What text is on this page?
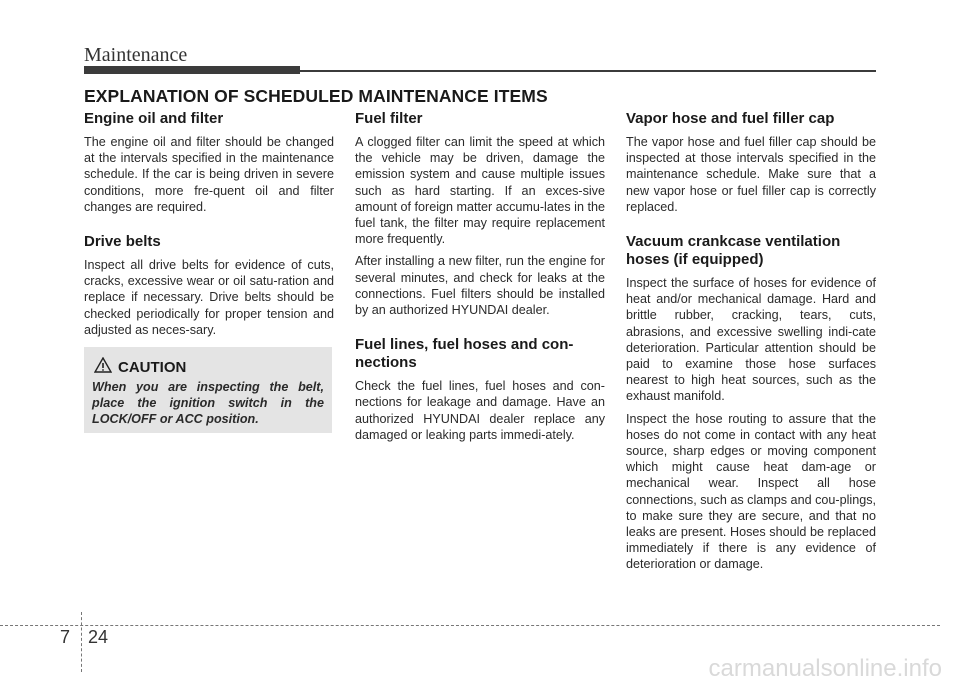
Maintenance
EXPLANATION OF SCHEDULED MAINTENANCE ITEMS
Engine oil and filter
The engine oil and filter should be changed at the intervals specified in the maintenance schedule. If the car is being driven in severe conditions, more fre-quent oil and filter changes are required.
Drive belts
Inspect all drive belts for evidence of cuts, cracks, excessive wear or oil satu-ration and replace if necessary. Drive belts should be checked periodically for proper tension and adjusted as neces-sary.
CAUTION
When you are inspecting the belt, place the ignition switch in the LOCK/OFF or ACC position.
Fuel filter
A clogged filter can limit the speed at which the vehicle may be driven, damage the emission system and cause multiple issues such as hard starting. If an exces-sive amount of foreign matter accumu-lates in the fuel tank, the filter may require replacement more frequently.
After installing a new filter, run the engine for several minutes, and check for leaks at the connections. Fuel filters should be installed by an authorized HYUNDAI dealer.
Fuel lines, fuel hoses and con-nections
Check the fuel lines, fuel hoses and con-nections for leakage and damage. Have an authorized HYUNDAI dealer replace any damaged or leaking parts immedi-ately.
Vapor hose and fuel filler cap
The vapor hose and fuel filler cap should be inspected at those intervals specified in the maintenance schedule. Make sure that a new vapor hose or fuel filler cap is correctly replaced.
Vacuum crankcase ventilation hoses (if equipped)
Inspect the surface of hoses for evidence of heat and/or mechanical damage. Hard and brittle rubber, cracking, tears, cuts, abrasions, and excessive swelling indi-cate deterioration. Particular attention should be paid to examine those hose surfaces nearest to high heat sources, such as the exhaust manifold.
Inspect the hose routing to assure that the hoses do not come in contact with any heat source, sharp edges or moving component which might cause heat dam-age or mechanical wear. Inspect all hose connections, such as clamps and cou-plings, to make sure they are secure, and that no leaks are present. Hoses should be replaced immediately if there is any evidence of deterioration or damage.
7 24
carmanualsonline.info
